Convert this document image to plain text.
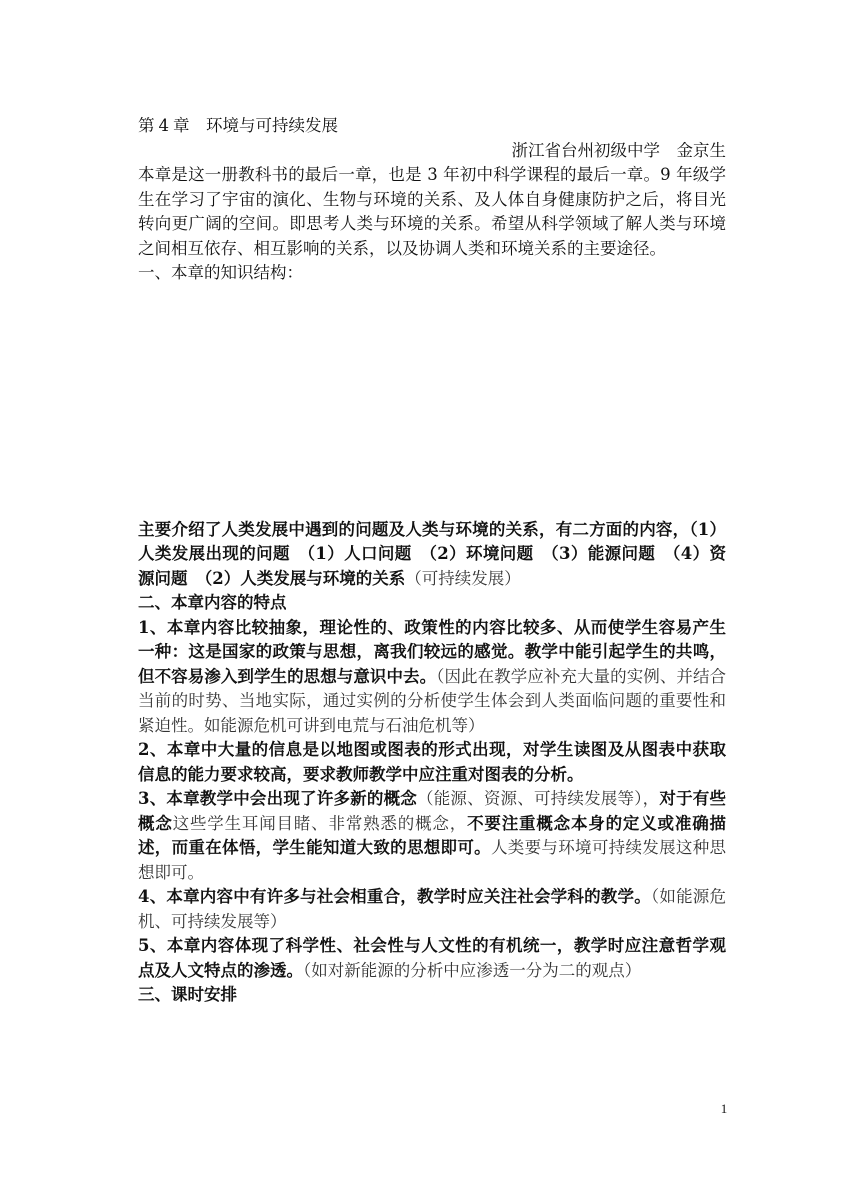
第 4 章  环境与可持续发展

浙江省台州初级中学　金京生

本章是这一册教科书的最后一章，也是 3 年初中科学课程的最后一章。9 年级学生在学习了宇宙的演化、生物与环境的关系、及人体自身健康防护之后，将目光转向更广阔的空间。即思考人类与环境的关系。希望从科学领域了解人类与环境之间相互依存、相互影响的关系，以及协调人类和环境关系的主要途径。

一、本章的知识结构：

主要介绍了人类发展中遇到的问题及人类与环境的关系，有二方面的内容，（1）人类发展出现的问题　（1）人口问题　（2）环境问题　（3）能源问题　（4）资源问题　（2）人类发展与环境的关系（可持续发展）

二、本章内容的特点

1、本章内容比较抽象，理论性的、政策性的内容比较多、从而使学生容易产生一种：这是国家的政策与思想，离我们较远的感觉。教学中能引起学生的共鸣，但不容易渗入到学生的思想与意识中去。（因此在教学应补充大量的实例、并结合当前的时势、当地实际，通过实例的分析使学生体会到人类面临问题的重要性和紧迫性。如能源危机可讲到电荒与石油危机等）

2、本章中大量的信息是以地图或图表的形式出现，对学生读图及从图表中获取信息的能力要求较高，要求教师教学中应注重对图表的分析。

3、本章教学中会出现了许多新的概念（能源、资源、可持续发展等），对于有些概念这些学生耳闻目睹、非常熟悉的概念，不要注重概念本身的定义或准确描述，而重在体悟，学生能知道大致的思想即可。人类要与环境可持续发展这种思想即可。

4、本章内容中有许多与社会相重合，教学时应关注社会学科的教学。（如能源危机、可持续发展等）

5、本章内容体现了科学性、社会性与人文性的有机统一，教学时应注意哲学观点及人文特点的渗透。（如对新能源的分析中应渗透一分为二的观点）

三、课时安排

1
